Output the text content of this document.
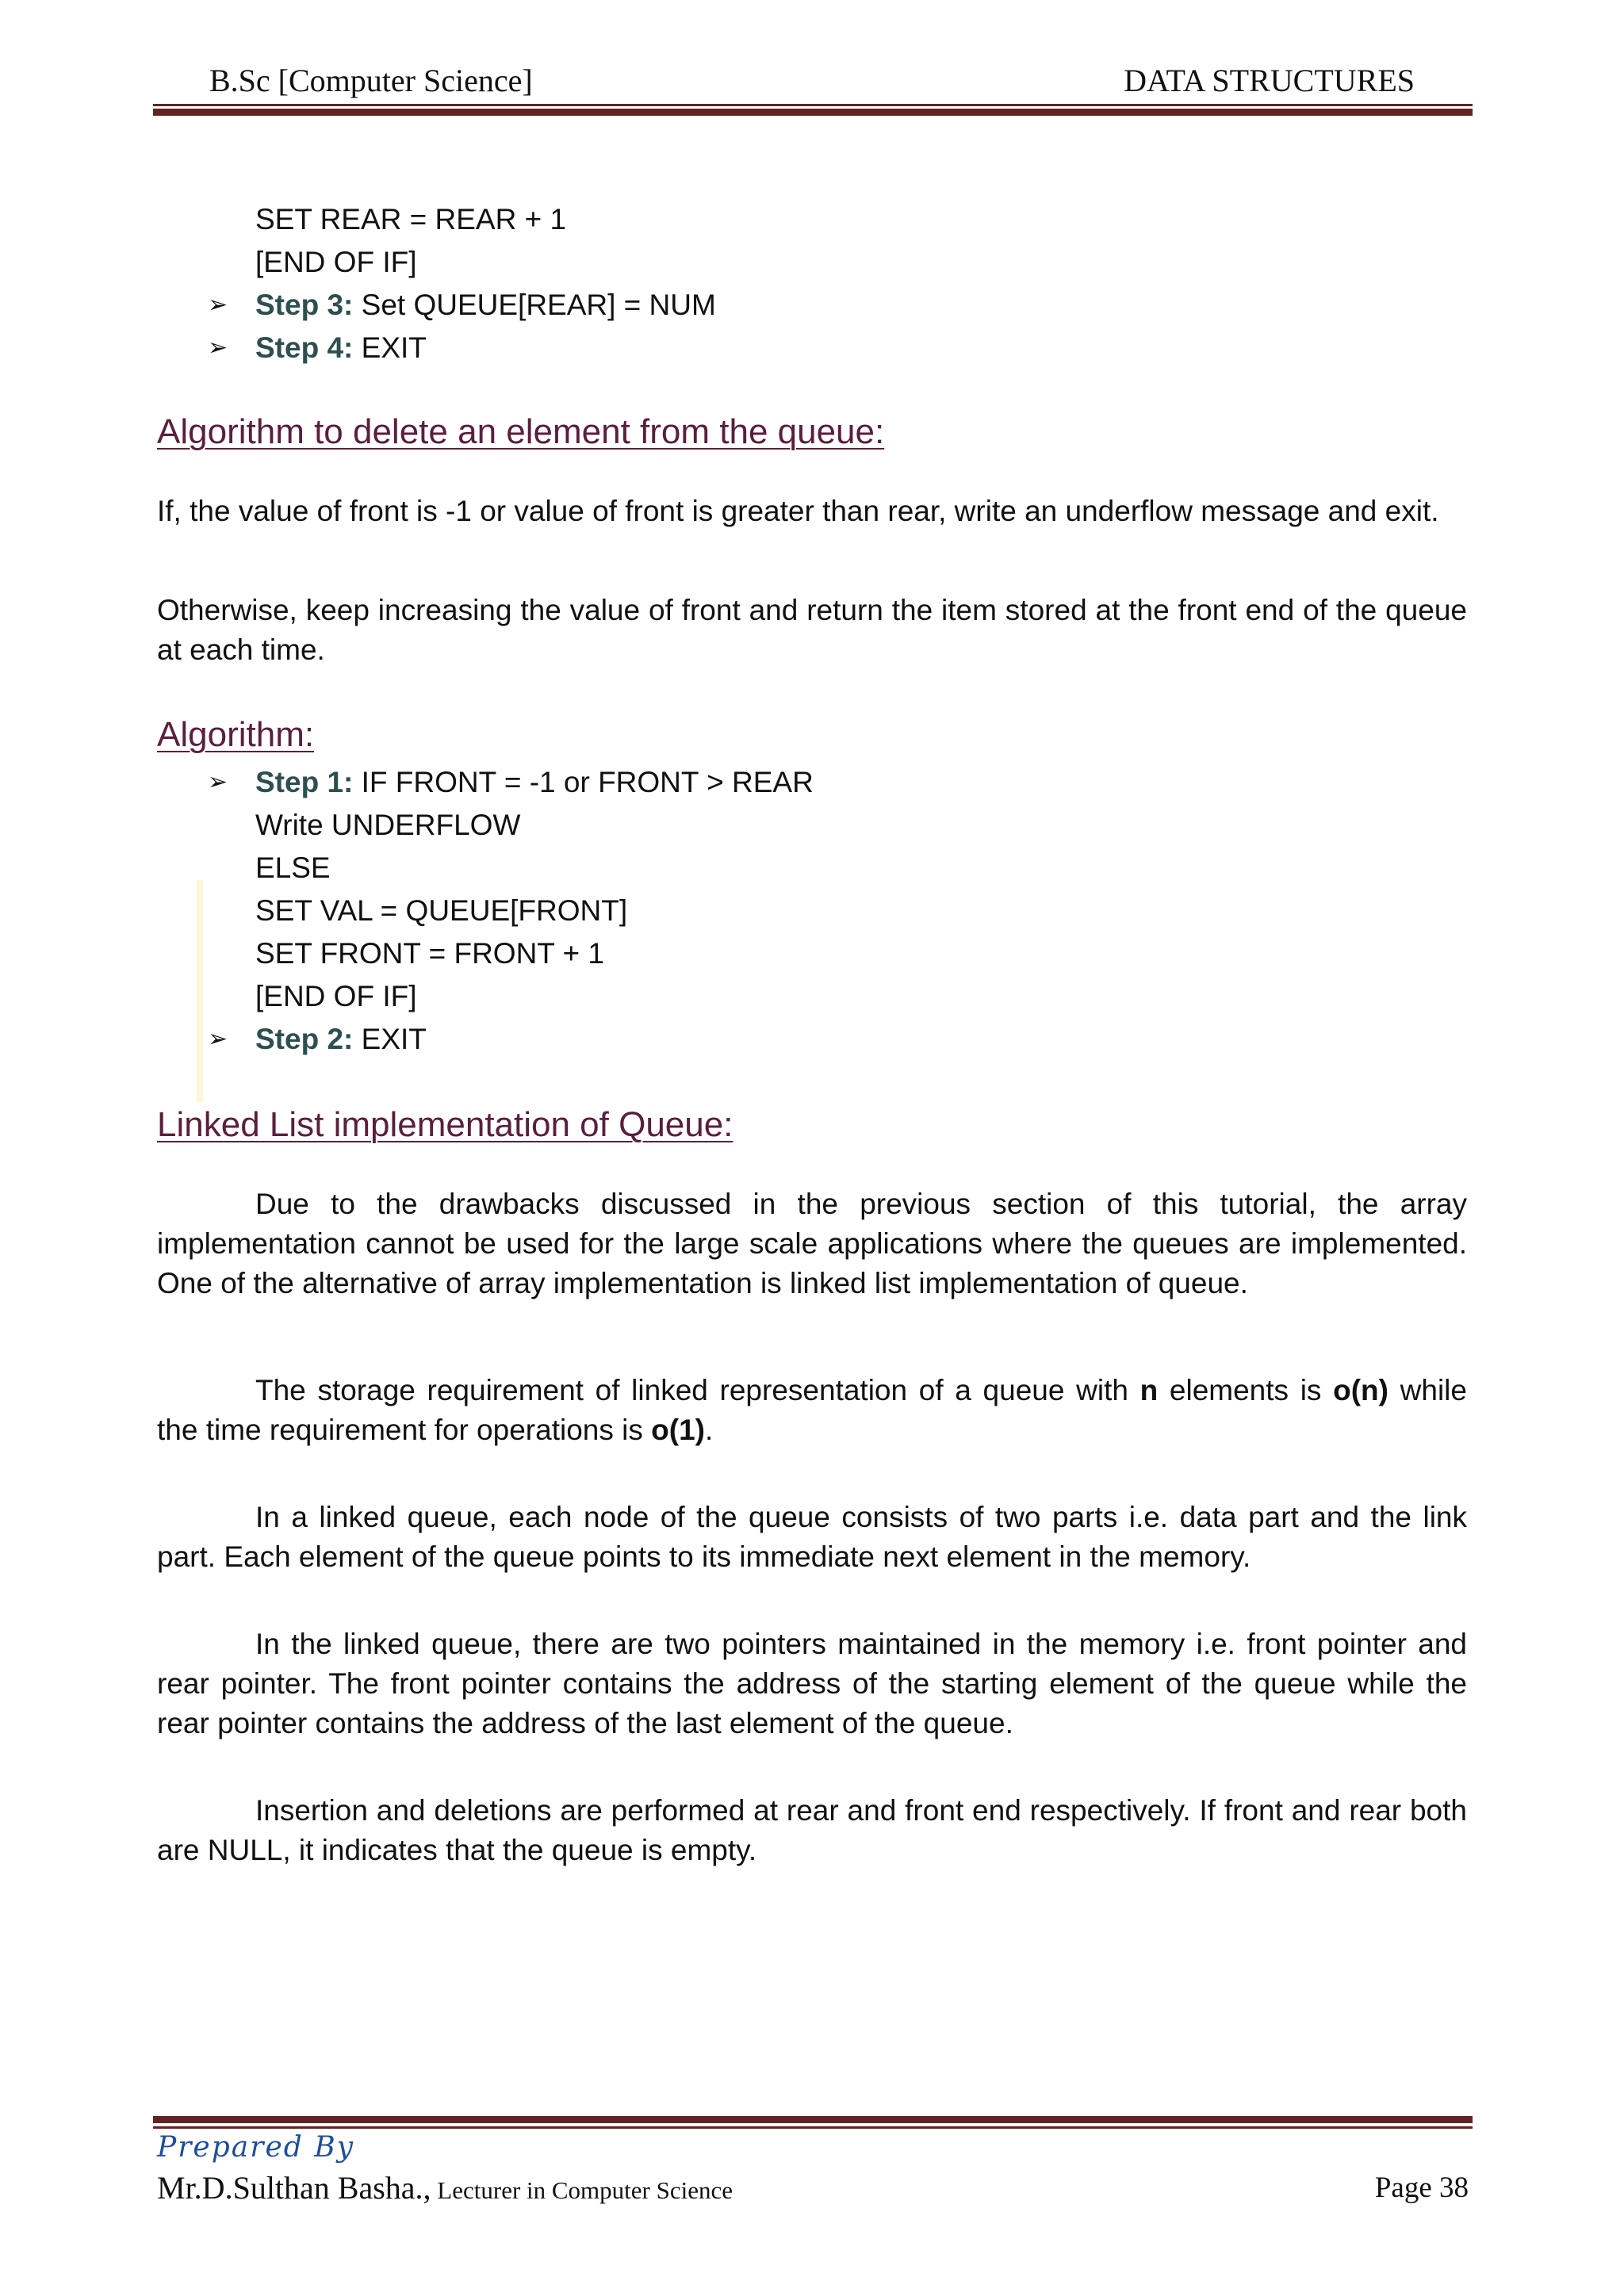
B.Sc [Computer Science]	DATA STRUCTURES
SET REAR = REAR + 1
[END OF IF]
➢ Step 3: Set QUEUE[REAR] = NUM
➢ Step 4: EXIT
Algorithm to delete an element from the queue:
If, the value of front is -1 or value of front is greater than rear, write an underflow message and exit.
Otherwise, keep increasing the value of front and return the item stored at the front end of the queue at each time.
Algorithm:
➢ Step 1: IF FRONT = -1 or FRONT > REAR
Write UNDERFLOW
ELSE
SET VAL = QUEUE[FRONT]
SET FRONT = FRONT + 1
[END OF IF]
➢ Step 2: EXIT
Linked List implementation of Queue:
Due to the drawbacks discussed in the previous section of this tutorial, the array implementation cannot be used for the large scale applications where the queues are implemented. One of the alternative of array implementation is linked list implementation of queue.
The storage requirement of linked representation of a queue with n elements is o(n) while the time requirement for operations is o(1).
In a linked queue, each node of the queue consists of two parts i.e. data part and the link part. Each element of the queue points to its immediate next element in the memory.
In the linked queue, there are two pointers maintained in the memory i.e. front pointer and rear pointer. The front pointer contains the address of the starting element of the queue while the rear pointer contains the address of the last element of the queue.
Insertion and deletions are performed at rear and front end respectively. If front and rear both are NULL, it indicates that the queue is empty.
Prepared By
Mr.D.Sulthan Basha., Lecturer in Computer Science	Page 38
